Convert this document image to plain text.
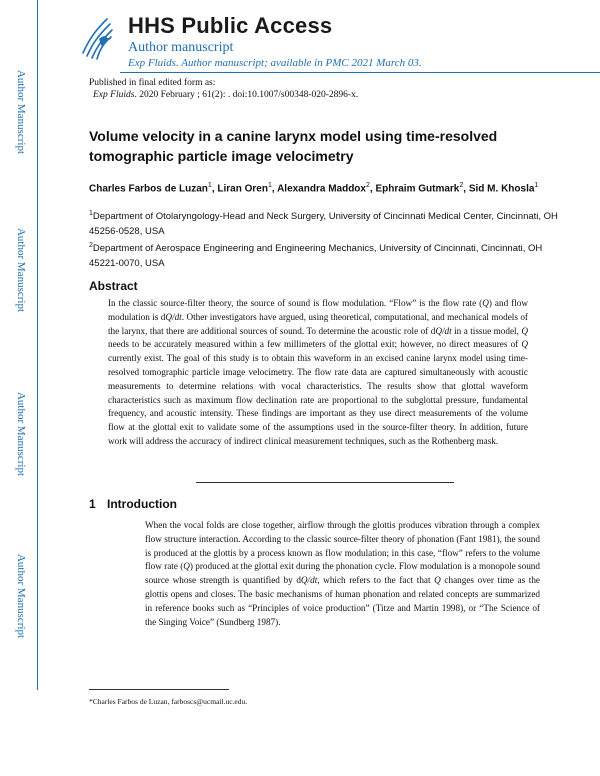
HHS Public Access
Author manuscript
Exp Fluids. Author manuscript; available in PMC 2021 March 03.
Author Manuscript
Author Manuscript
Author Manuscript
Author Manuscript
Published in final edited form as:
Exp Fluids. 2020 February ; 61(2): . doi:10.1007/s00348-020-2896-x.
Volume velocity in a canine larynx model using time-resolved tomographic particle image velocimetry
Charles Farbos de Luzan$^1$, Liran Oren$^1$, Alexandra Maddox$^2$, Ephraim Gutmark$^2$, Sid M. Khosla$^1$
$^1$Department of Otolaryngology-Head and Neck Surgery, University of Cincinnati Medical Center, Cincinnati, OH 45256-0528, USA
$^2$Department of Aerospace Engineering and Engineering Mechanics, University of Cincinnati, Cincinnati, OH 45221-0070, USA
Abstract
In the classic source-filter theory, the source of sound is flow modulation. “Flow” is the flow rate (Q) and flow modulation is dQ/dt. Other investigators have argued, using theoretical, computational, and mechanical models of the larynx, that there are additional sources of sound. To determine the acoustic role of dQ/dt in a tissue model, Q needs to be accurately measured within a few millimeters of the glottal exit; however, no direct measures of Q currently exist. The goal of this study is to obtain this waveform in an excised canine larynx model using time-resolved tomographic particle image velocimetry. The flow rate data are captured simultaneously with acoustic measurements to determine relations with vocal characteristics. The results show that glottal waveform characteristics such as maximum flow declination rate are proportional to the subglottal pressure, fundamental frequency, and acoustic intensity. These findings are important as they use direct measurements of the volume flow at the glottal exit to validate some of the assumptions used in the source-filter theory. In addition, future work will address the accuracy of indirect clinical measurement techniques, such as the Rothenberg mask.
1 Introduction
When the vocal folds are close together, airflow through the glottis produces vibration through a complex flow structure interaction. According to the classic source-filter theory of phonation (Fant 1981), the sound is produced at the glottis by a process known as flow modulation; in this case, “flow” refers to the volume flow rate (Q) produced at the glottal exit during the phonation cycle. Flow modulation is a monopole sound source whose strength is quantified by dQ/dt, which refers to the fact that Q changes over time as the glottis opens and closes. The basic mechanisms of human phonation and related concepts are summarized in reference books such as “Principles of voice production” (Titze and Martin 1998), or “The Science of the Singing Voice” (Sundberg 1987).
*Charles Farbos de Luzan, farboscs@ucmail.uc.edu.
